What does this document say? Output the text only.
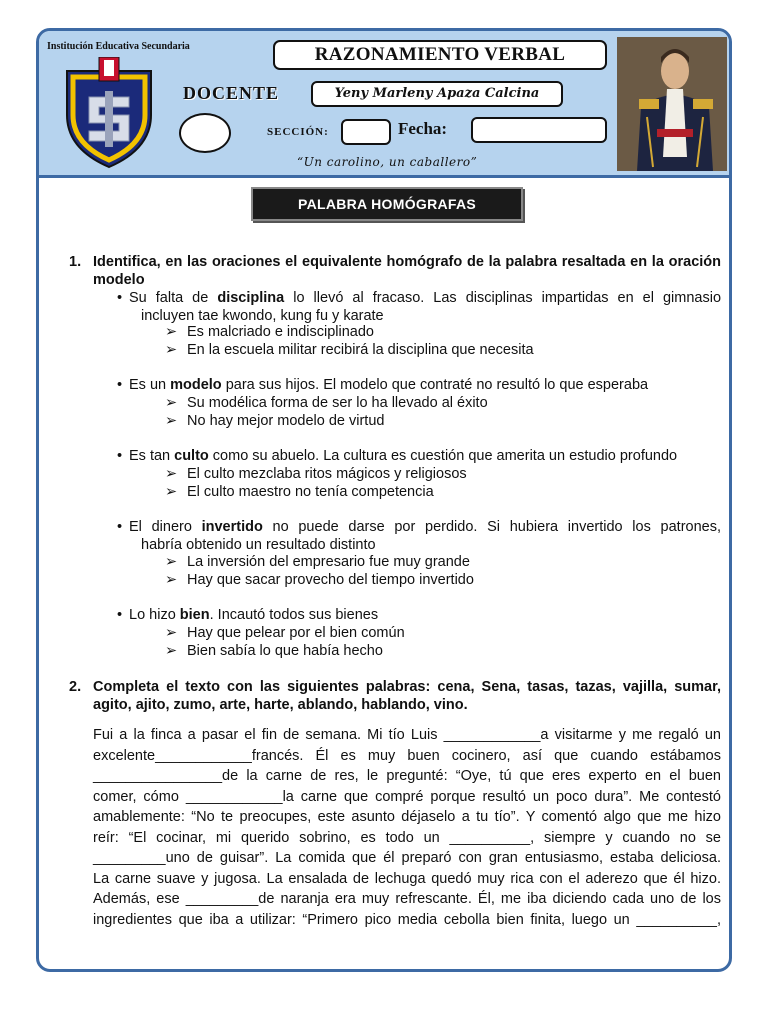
Institución Educativa Secundaria	RAZONAMIENTO VERBAL
DOCENTE	Yeny Marleny Apaza Calcina
SECCIÓN:	Fecha:
“Un carolino, un caballero”
PALABRA HOMÓGRAFAS
1. Identifica, en las oraciones el equivalente homógrafo de la palabra resaltada en la oración modelo
• Su falta de disciplina lo llevó al fracaso. Las disciplinas impartidas en el gimnasio
incluyen tae kwondo, kung fu y karate
➢ Es malcriado e indisciplinado
➢ En la escuela militar recibirá la disciplina que necesita
• Es un modelo para sus hijos. El modelo que contraté no resultó lo que esperaba
➢ Su modélica forma de ser lo ha llevado al éxito
➢ No hay mejor modelo de virtud
• Es tan culto como su abuelo. La cultura es cuestión que amerita un estudio profundo
➢ El culto mezclaba ritos mágicos y religiosos
➢ El culto maestro no tenía competencia
• El dinero invertido no puede darse por perdido. Si hubiera invertido los patrones,
habría obtenido un resultado distinto
➢ La inversión del empresario fue muy grande
➢ Hay que sacar provecho del tiempo invertido
• Lo hizo bien. Incautó todos sus bienes
➢ Hay que pelear por el bien común
➢ Bien sabía lo que había hecho
2. Completa el texto con las siguientes palabras: cena, Sena, tasas, tazas, vajilla, sumar, agito, ajito, zumo, arte, harte, ablando, hablando, vino.
Fui a la finca a pasar el fin de semana. Mi tío Luis ____________a visitarme y me regaló un
excelente____________francés. Él es muy buen cocinero, así que cuando estábamos
________________de la carne de res, le pregunté: “Oye, tú que eres experto en el buen
comer, cómo ____________la carne que compré porque resultó un poco dura”. Me contestó
amablemente: “No te preocupes, este asunto déjaselo a tu tío”. Y comentó algo que me hizo
reír: “El cocinar, mi querido sobrino, es todo un __________, siempre y cuando no se
_________uno de guisar”. La comida que él preparó con gran entusiasmo, estaba deliciosa.
La carne suave y jugosa. La ensalada de lechuga quedó muy rica con el aderezo que él hizo.
Además, ese _________de naranja era muy refrescante. Él, me iba diciendo cada uno de los
ingredientes que iba a utilizar: “Primero pico media cebolla bien finita, luego un __________,
